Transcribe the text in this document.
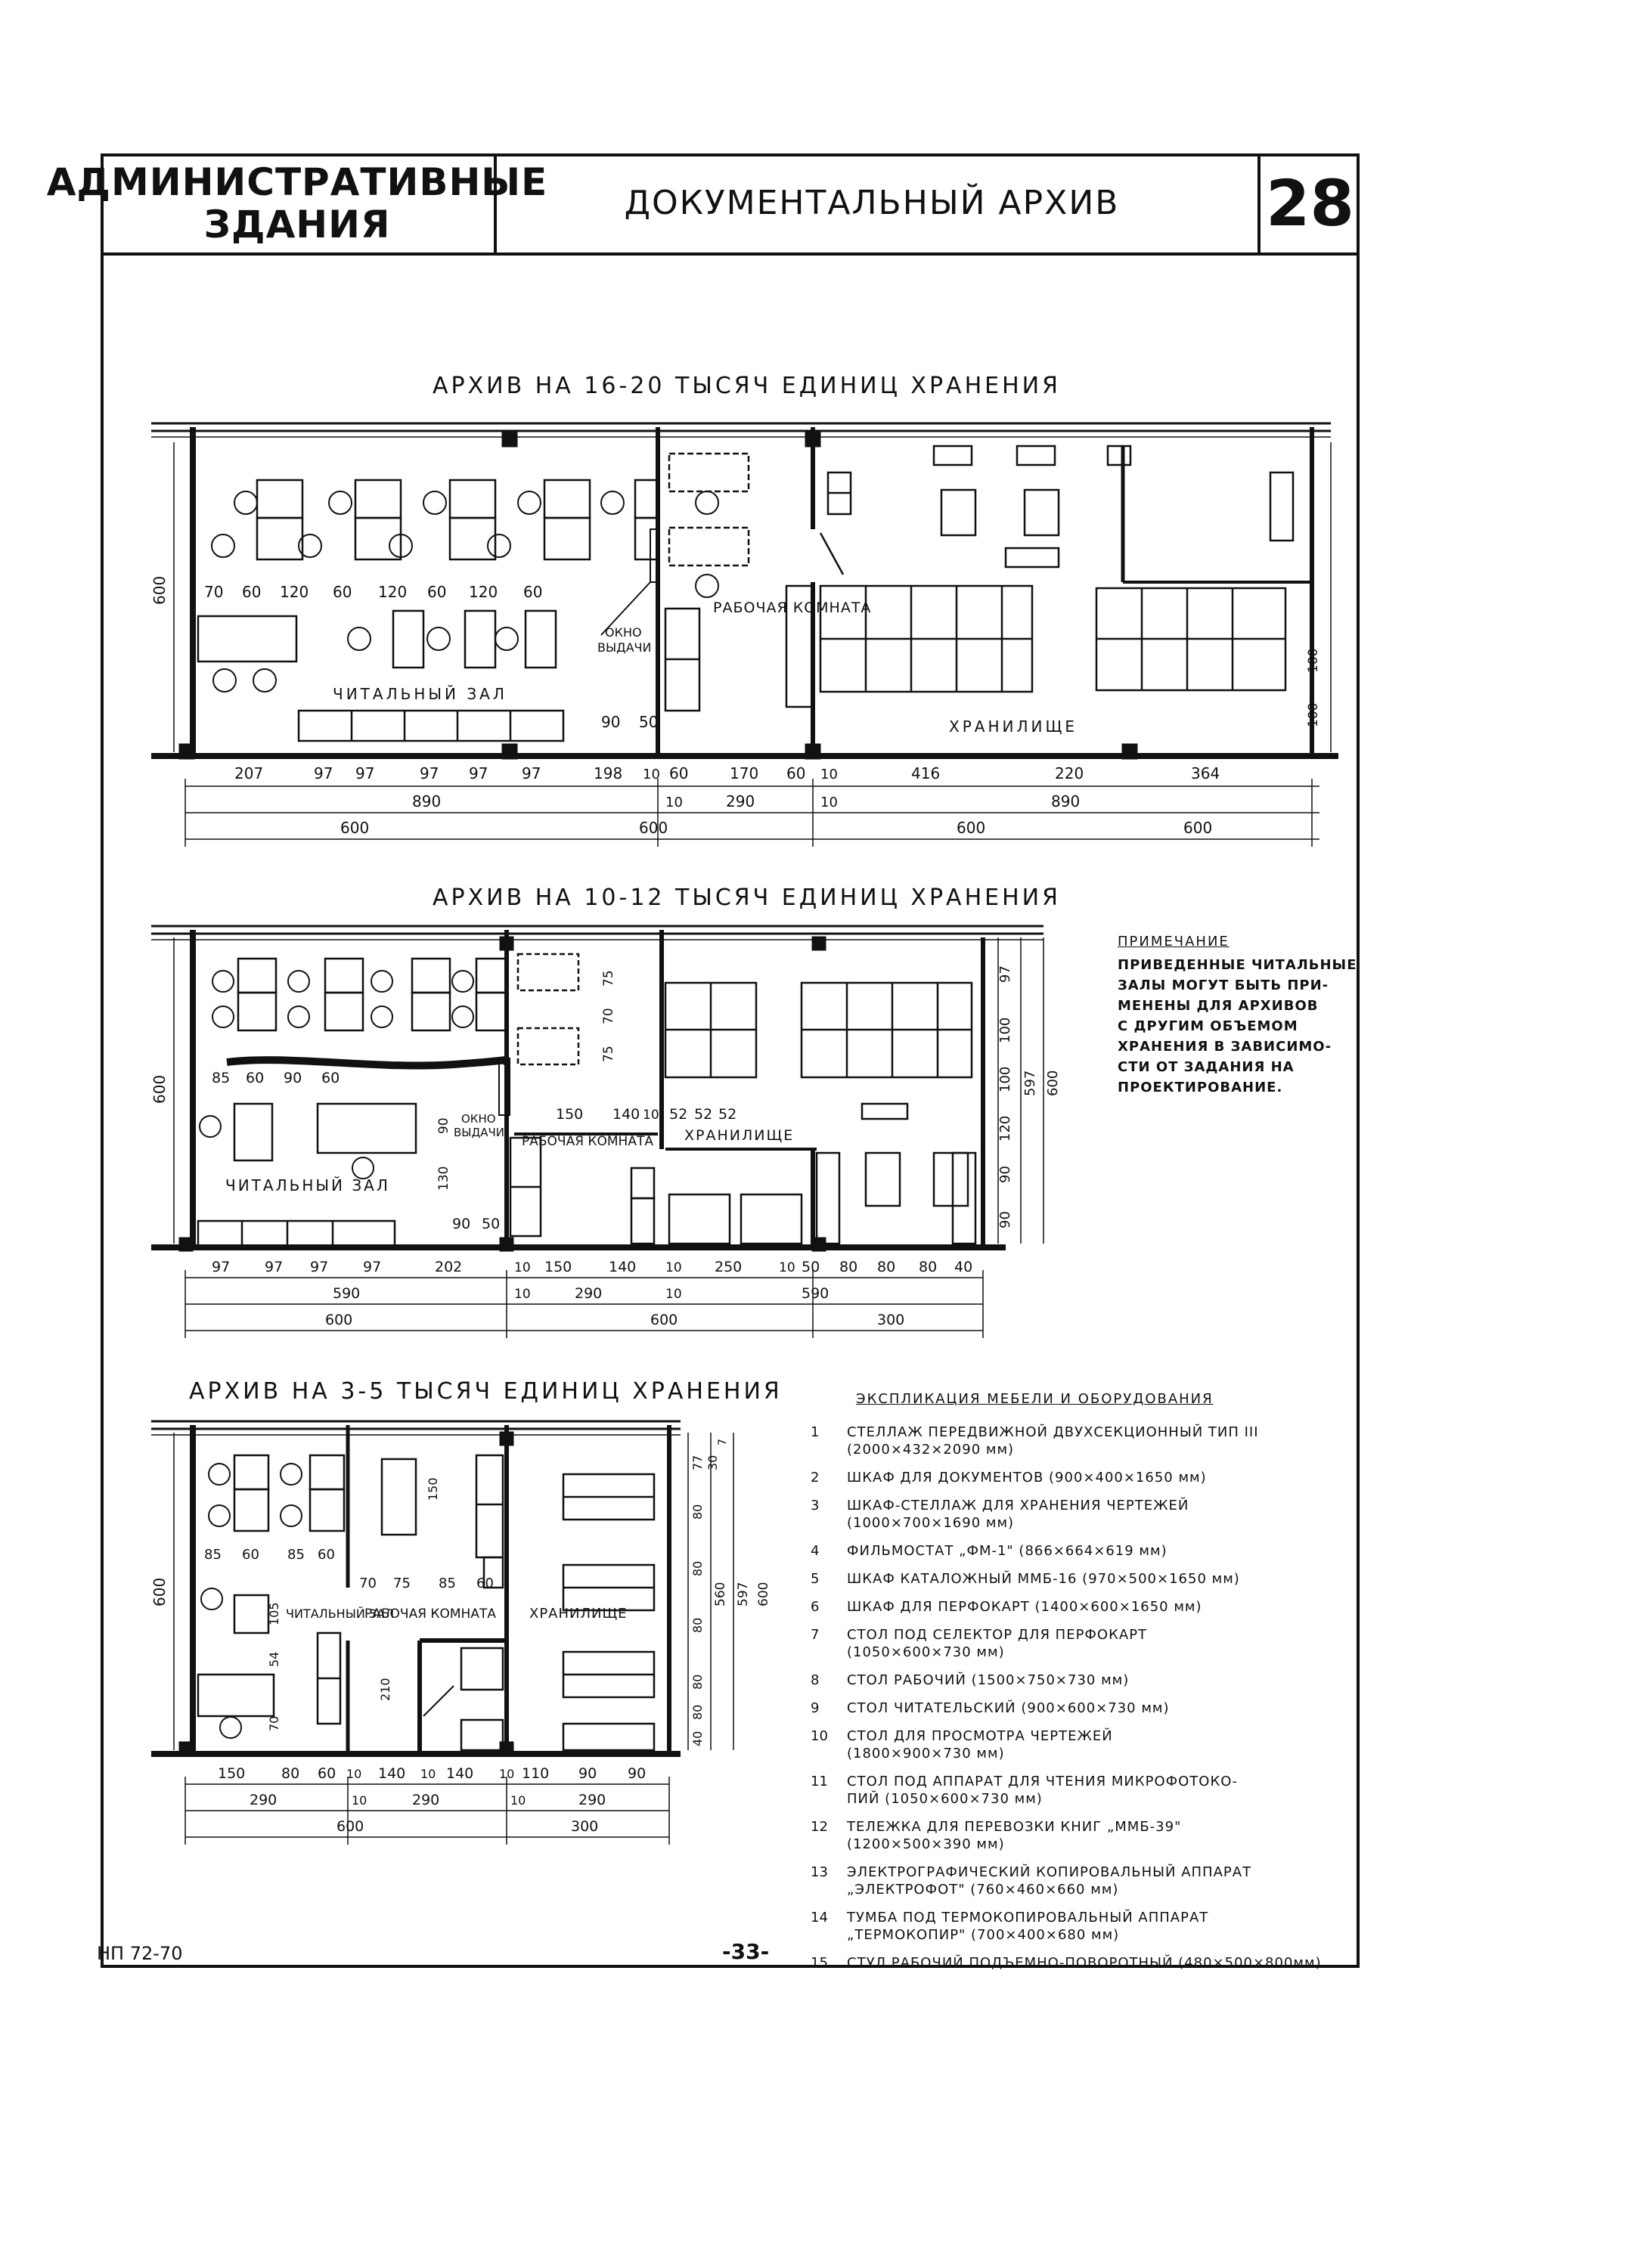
АДМИНИСТРАТИВНЫЕ
ЗДАНИЯ	ДОКУМЕНТАЛЬНЫЙ АРХИВ	28
АРХИВ НА 16-20 ТЫСЯЧ ЕДИНИЦ ХРАНЕНИЯ
АРХИВ НА 10-12 ТЫСЯЧ ЕДИНИЦ ХРАНЕНИЯ
АРХИВ НА 3-5 ТЫСЯЧ ЕДИНИЦ ХРАНЕНИЯ
ЧИТАЛЬНЫЙ ЗАЛ
РАБОЧАЯ КОМНАТА
ХРАНИЛИЩЕ
ОКНО
ВЫДАЧИ
600
100
100
70 60 120 60 120 60 120 60
90 50
207	97 97	97 97 97	198 10 60	170 60 10	416	220	364
890	10	290	10	890
600	600	600	600
ЧИТАЛЬНЫЙ ЗАЛ
РАБОЧАЯ КОМНАТА ХРАНИЛИЩЕ
ОКНО
ВЫДАЧИ
600
97
100
100
120
90
90
597 600
85 60 90 60
150 140 10 52 52 52
75
70
75
90
130
90 50
97 97 97 97	202	10 150	140 10 250	10 50 80 80 80 40
590	10	290	10	590
600	600	300
ЧИТАЛЬНЫЙ ЗАЛ
РАБОЧАЯ КОМНАТА ХРАНИЛИЩЕ
600
77 30
7
80
80
80
80
80
40
560 597 600
85 60 85 60
105
54
70
70 75 85 60
150
210
150	80 60 10 140 10 140 10 110 90 90
290	10	290	10	290
600	300
ПРИМЕЧАНИЕ
ПРИВЕДЕННЫЕ ЧИТАЛЬНЫЕ
ЗАЛЫ МОГУТ БЫТЬ ПРИ-
МЕНЕНЫ ДЛЯ АРХИВОВ
С ДРУГИМ ОБЪЕМОМ
ХРАНЕНИЯ В ЗАВИСИМО-
СТИ ОТ ЗАДАНИЯ НА
ПРОЕКТИРОВАНИЕ.
ЭКСПЛИКАЦИЯ МЕБЕЛИ И ОБОРУДОВАНИЯ
1	СТЕЛЛАЖ ПЕРЕДВИЖНОЙ ДВУХСЕКЦИОННЫЙ ТИП III
(2000×432×2090 мм)
2	ШКАФ ДЛЯ ДОКУМЕНТОВ (900×400×1650 мм)
3	ШКАФ-СТЕЛЛАЖ ДЛЯ ХРАНЕНИЯ ЧЕРТЕЖЕЙ
(1000×700×1690 мм)
4	ФИЛЬМОСТАТ „ФМ-1" (866×664×619 мм)
5	ШКАФ КАТАЛОЖНЫЙ ММБ-16 (970×500×1650 мм)
6	ШКАФ ДЛЯ ПЕРФОКАРТ (1400×600×1650 мм)
7	СТОЛ ПОД СЕЛЕКТОР ДЛЯ ПЕРФОКАРТ
(1050×600×730 мм)
8	СТОЛ РАБОЧИЙ (1500×750×730 мм)
9	СТОЛ ЧИТАТЕЛЬСКИЙ (900×600×730 мм)
10	СТОЛ ДЛЯ ПРОСМОТРА ЧЕРТЕЖЕЙ
(1800×900×730 мм)
11	СТОЛ ПОД АППАРАТ ДЛЯ ЧТЕНИЯ МИКРОФОТОКО-
ПИЙ (1050×600×730 мм)
12	ТЕЛЕЖКА ДЛЯ ПЕРЕВОЗКИ КНИГ „ММБ-39"
(1200×500×390 мм)
13	ЭЛЕКТРОГРАФИЧЕСКИЙ КОПИРОВАЛЬНЫЙ АППАРАТ
„ЭЛЕКТРОФОТ" (760×460×660 мм)
14	ТУМБА ПОД ТЕРМОКОПИРОВАЛЬНЫЙ АППАРАТ
„ТЕРМОКОПИР" (700×400×680 мм)
15	СТУЛ РАБОЧИЙ ПОДЪЕМНО-ПОВОРОТНЫЙ (480×500×800мм)
НП 72-70	-33-
